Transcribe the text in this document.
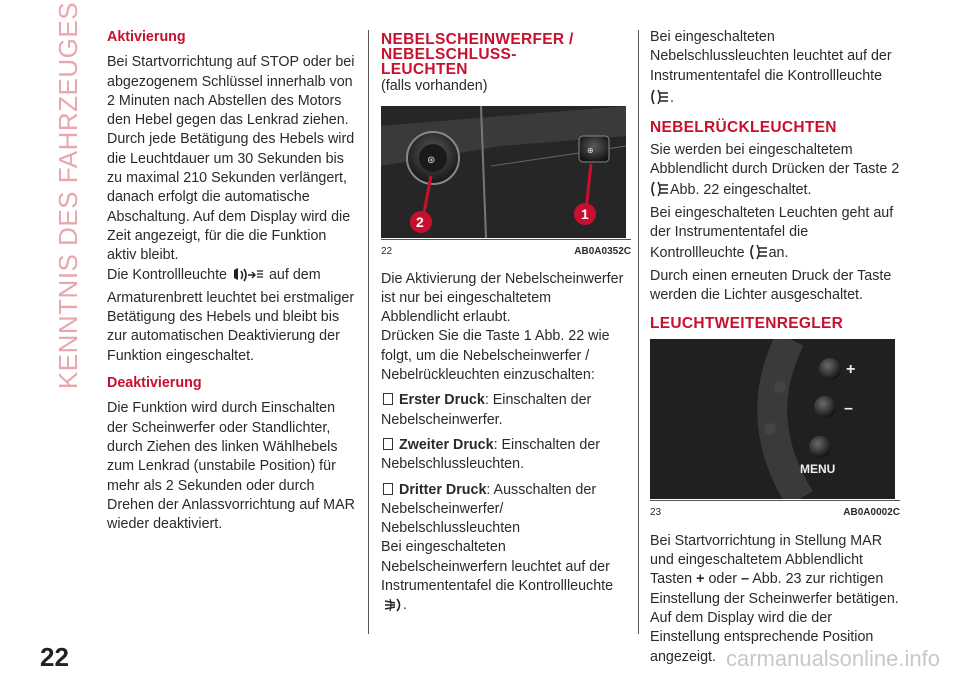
KENNTNIS DES FAHRZEUGES Aktivierung
Bei Startvorrichtung auf STOP oder bei abgezogenem Schlüssel innerhalb von 2 Minuten nach Abstellen des Motors den Hebel gegen das Lenkrad ziehen.
Durch jede Betätigung des Hebels wird die Leuchtdauer um 30 Sekunden bis zu maximal 210 Sekunden verlängert, danach erfolgt die automatische Abschaltung. Auf dem Display wird die Zeit angezeigt, für die die Funktion aktiv bleibt.
Die Kontrollleuchte	auf dem Armaturenbrett leuchtet bei erstmaliger Betätigung des Hebels und bleibt bis zur automatischen Deaktivierung der Funktion eingeschaltet.
Deaktivierung
Die Funktion wird durch Einschalten der Scheinwerfer oder Standlichter, durch Ziehen des linken Wählhebels zum Lenkrad (unstabile Position) für mehr als 2 Sekunden oder durch Drehen der Anlassvorrichtung auf MAR wieder deaktiviert.
NEBELSCHEINWERFER /
NEBELSCHLUSS-
LEUCHTEN
(falls vorhanden)
⊛
⊕
2	1
22	AB0A0352C
Die Aktivierung der Nebelscheinwerfer ist nur bei eingeschaltetem Abblendlicht erlaubt.
Drücken Sie die Taste 1 Abb. 22 wie folgt, um die Nebelscheinwerfer / Nebelrückleuchten einzuschalten:
Erster Druck: Einschalten der Nebelscheinwerfer.
Zweiter Druck: Einschalten der Nebelschlussleuchten.
Dritter Druck: Ausschalten der Nebelscheinwerfer/ Nebelschlussleuchten
Bei eingeschalteten Nebelscheinwerfern leuchtet auf der Instrumententafel die Kontrollleuchte .
Bei eingeschalteten Nebelschlussleuchten leuchtet auf der Instrumententafel die Kontrollleuchte
.
NEBELRÜCKLEUCHTEN
Sie werden bei eingeschaltetem Abblendlicht durch Drücken der Taste 2
Abb. 22 eingeschaltet.
Bei eingeschalteten Leuchten geht auf der Instrumententafel die Kontrollleuchte an.
Durch einen erneuten Druck der Taste werden die Lichter ausgeschaltet.
LEUCHTWEITENREGLER
+
–
MENU
23	AB0A0002C
Bei Startvorrichtung in Stellung MAR und eingeschaltetem Abblendlicht Tasten + oder – Abb. 23 zur richtigen Einstellung der Scheinwerfer betätigen.
Auf dem Display wird die der Einstellung entsprechende Position angezeigt.
22	carmanualsonline.info
